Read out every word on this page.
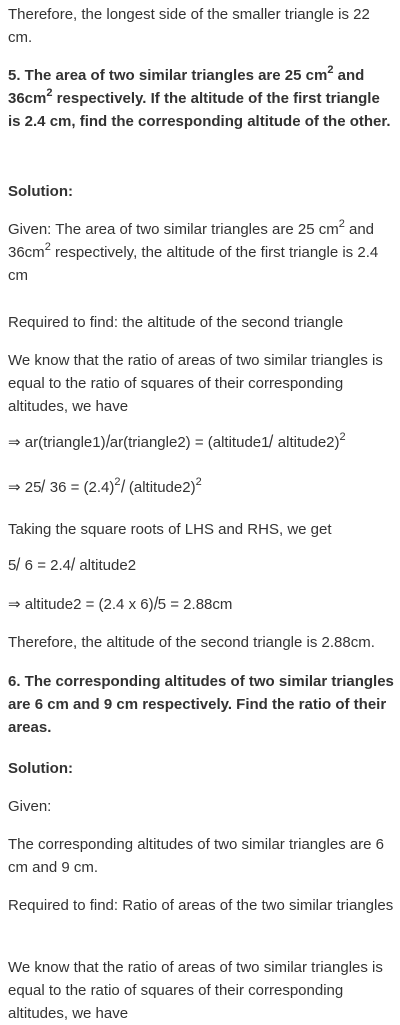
Therefore, the longest side of the smaller triangle is 22 cm.

5. The area of two similar triangles are 25 $cm^2$ and $36cm^2$ respectively. If the altitude of the first triangle is 2.4 cm, find the corresponding altitude of the other.

Solution:

Given: The area of two similar triangles are 25 $cm^2$ and $36cm^2$ respectively, the altitude of the first triangle is 2.4 cm

Required to find: the altitude of the second triangle

We know that the ratio of areas of two similar triangles is equal to the ratio of squares of their corresponding altitudes, we have

⇒ ar(triangle1)/ar(triangle2) = (altitude1/ altitude2)$^2$

⇒ 25/ $36 = (2.4)^2/$ (altitude2)$^2$

Taking the square roots of LHS and RHS, we get

5/ 6 = 2.4/ altitude2

⇒ altitude2 = (2.4 x 6)/5 = 2.88cm

Therefore, the altitude of the second triangle is 2.88cm.

6. The corresponding altitudes of two similar triangles are 6 cm and 9 cm respectively. Find the ratio of their areas.

Solution:

Given:

The corresponding altitudes of two similar triangles are 6 cm and 9 cm.

Required to find: Ratio of areas of the two similar triangles

We know that the ratio of areas of two similar triangles is equal to the ratio of squares of their corresponding altitudes, we have
